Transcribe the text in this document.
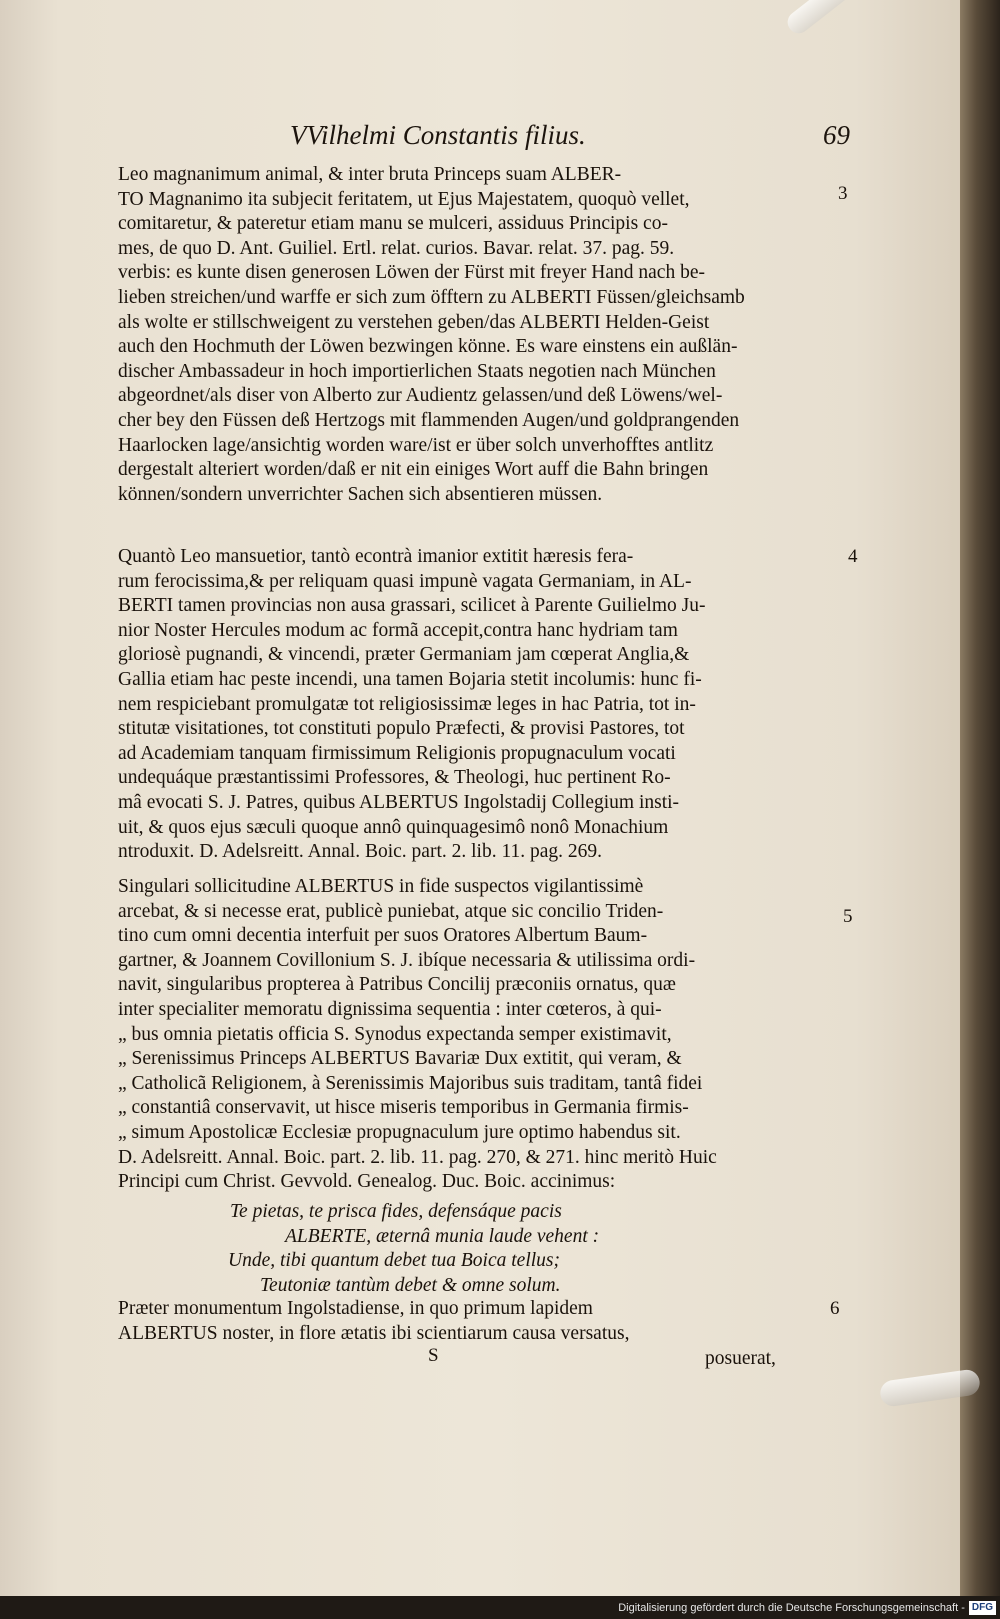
VVilhelmi Constantis filius.	69
Leo magnanimum animal, & inter bruta Princeps suam ALBER-
TO Magnanimo ita subjecit feritatem, ut Ejus Majestatem, quoquò vellet,
comitaretur, & pateretur etiam manu se mulceri, assiduus Principis co-
mes, de quo D. Ant. Guiliel. Ertl. relat. curios. Bavar. relat. 37. pag. 59.
verbis: es kunte disen generosen Löwen der Fürst mit freyer Hand nach be-
lieben streichen/und warffe er sich zum öfftern zu ALBERTI Füssen/gleichsamb
als wolte er stillschweigent zu verstehen geben/das ALBERTI Helden-Geist
auch den Hochmuth der Löwen bezwingen könne. Es ware einstens ein außlän-
discher Ambassadeur in hoch importierlichen Staats negotien nach München
abgeordnet/als diser von Alberto zur Audientz gelassen/und deß Löwens/wel-
cher bey den Füssen deß Hertzogs mit flammenden Augen/und goldprangenden
Haarlocken lage/ansichtig worden ware/ist er über solch unverhofftes antlitz
dergestalt alteriert worden/daß er nit ein einiges Wort auff die Bahn bringen
können/sondern unverrichter Sachen sich absentieren müssen.
3
Quantò Leo mansuetior, tantò econtrà imanior extitit hæresis fera-
rum ferocissima,& per reliquam quasi impunè vagata Germaniam, in AL-
BERTI tamen provincias non ausa grassari, scilicet à Parente Guilielmo Ju-
nior Noster Hercules modum ac formã accepit,contra hanc hydriam tam
gloriosè pugnandi, & vincendi, præter Germaniam jam cœperat Anglia,&
Gallia etiam hac peste incendi, una tamen Bojaria stetit incolumis: hunc fi-
nem respiciebant promulgatæ tot religiosissimæ leges in hac Patria, tot in-
stitutæ visitationes, tot constituti populo Præfecti, & provisi Pastores, tot
ad Academiam tanquam firmissimum Religionis propugnaculum vocati
undequáque præstantissimi Professores, & Theologi, huc pertinent Ro-
mâ evocati S. J. Patres, quibus ALBERTUS Ingolstadij Collegium insti-
uit, & quos ejus sæculi quoque annô quinquagesimô nonô Monachium
ntroduxit. D. Adelsreitt. Annal. Boic. part. 2. lib. 11. pag. 269.
4
Singulari sollicitudine ALBERTUS in fide suspectos vigilantissimè
arcebat, & si necesse erat, publicè puniebat, atque sic concilio Triden-
tino cum omni decentia interfuit per suos Oratores Albertum Baum-
gartner, & Joannem Covillonium S. J. ibíque necessaria & utilissima ordi-
navit, singularibus propterea à Patribus Concilij præconiis ornatus, quæ
inter specialiter memoratu dignissima sequentia : inter cœteros, à qui-
„ bus omnia pietatis officia S. Synodus expectanda semper existimavit,
„ Serenissimus Princeps ALBERTUS Bavariæ Dux extitit, qui veram, &
„ Catholicã Religionem, à Serenissimis Majoribus suis traditam, tantâ fidei
„ constantiâ conservavit, ut hisce miseris temporibus in Germania firmis-
„ simum Apostolicæ Ecclesiæ propugnaculum jure optimo habendus sit.
D. Adelsreitt. Annal. Boic. part. 2. lib. 11. pag. 270, & 271. hinc meritò Huic
Principi cum Christ. Gevvold. Genealog. Duc. Boic. accinimus:
5
Te pietas, te prisca fides, defensáque pacis
ALBERTE, æternâ munia laude vehent :
Unde, tibi quantum debet tua Boica tellus;
Teutoniæ tantùm debet & omne solum.
Præter monumentum Ingolstadiense, in quo primum lapidem
ALBERTUS noster, in flore ætatis ibi scientiarum causa versatus,
6
S	posuerat,
Digitalisierung gefördert durch die Deutsche Forschungsgemeinschaft - DFG
